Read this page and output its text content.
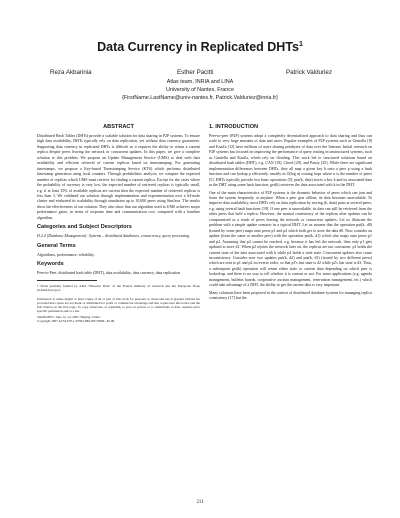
Data Currency in Replicated DHTs$^1$
Reza Akbarinia	Esther Pacitti	Patrick Valduriez
Atlas team, INRIA and LINA
University of Nantes, France
{FirstName.LastName@univ-nantes.fr, Patrick.Valduriez@inria.fr}
ABSTRACT
Distributed Hash Tables (DHTs) provide a scalable solution for data sharing in P2P systems. To ensure high data availability, DHTs typically rely on data replication, yet without data currency guarantees. Supporting data currency in replicated DHTs is difficult as it requires the ability to return a current replica despite peers leaving the network or concurrent updates. In this paper, we give a complete solution to this problem. We propose an Update Management Service (UMS) to deal with data availability and efficient retrieval of current replicas based on timestamping. For generating timestamps, we propose a Key-based Timestamping Service (KTS) which performs distributed timestamp generation using local counters. Through probabilistic analysis, we compute the expected number of replicas which UMS must retrieve for finding a current replica. Except for the cases where the probability of currency is very low, the expected number of retrieved replicas is typically small, e.g. if at least 35% of available replicas are current then the expected number of retrieved replicas is less than 3. We validated our solution through implementation and experimentation over a 64-node cluster and evaluated its scalability through simulation up to 10,000 peers using SimJava. The results show the effectiveness of our solution. They also show that our algorithm used in UMS achieves major performance gains, in terms of response time and communication cost, compared with a baseline algorithm.
Categories and Subject Descriptors
H.2.4 [Database Management]: Systems – distributed databases, concurrency, query processing.
General Terms
Algorithms, performance, reliability.
Keywords
Peer-to-Peer, distributed hash table (DHT), data availability, data currency, data replication
1 Work partially funded by ARA "Massive Data" of the French ministry of research and the European Strep Grid4All project.
Permission to make digital or hard copies of all or part of this work for personal or classroom use is granted without fee provided that copies are not made or distributed for profit or commercial advantage and that copies bear this notice and the full citation on the first page. To copy otherwise, or republish, to post on servers or to redistribute to lists, requires prior specific permission and/or a fee.
SIGMOD'07, June 12–14, 2007, Beijing, China.
Copyright 2007 ACM 978-1-59593-686-8/07/0006...$5.00.
1. INTRODUCTION
Peer-to-peer (P2P) systems adopt a completely decentralized approach to data sharing and thus can scale to very large amounts of data and users. Popular examples of P2P systems such as Gnutella [8] and KaaZa [12] have millions of users sharing petabytes of data over the Internet. Initial research on P2P systems has focused on improving the performance of query routing in unstructured systems, such as Gnutella and KaaZa, which rely on flooding. This work led to structured solutions based on distributed hash tables (DHT), e.g. CAN [19], Chord [29], and Pastry [25]. While there are significant implementation differences between DHTs, they all map a given key k onto a peer p using a hash function and can lookup p efficiently, usually in O(log n) routing hops where n is the number of peers [5]. DHTs typically provide two basic operations [5]: put(k, data) stores a key k and its associated data in the DHT using some hash function; get(k) retrieves the data associated with k in the DHT.
One of the main characteristics of P2P systems is the dynamic behavior of peers which can join and leave the system frequently, at anytime. When a peer gets offline, its data becomes unavailable. To improve data availability, most DHTs rely on data replication by storing (k, data) pairs at several peers, e.g. using several hash functions [19]. If one peer is unavailable, its data can still be retrieved from the other peers that hold a replica. However, the mutual consistency of the replicas after updates can be compromised as a result of peers leaving the network or concurrent updates. Let us illustrate the problem with a simple update scenario in a typical DHT. Let us assume that the operation put(k, d0) (issued by some peer) maps onto peers p1 and p2 which both get to store the data d0. Now consider an update (from the same or another peer) with the operation put(k, d1) which also maps onto peers p1 and p2. Assuming that p2 cannot be reached, e.g. because it has left the network, then only p1 gets updated to store d1. When p2 rejoins the network later on, the replicas are not consistent: p1 holds the current state of the data associated with k while p2 holds a stale state. Concurrent updates also cause inconsistency. Consider now two updates put(k, d2) and put(k, d3) (issued by two different peers) which are sent to p1 and p2 in reverse order, so that p1's last state is d2 while p2's last state is d3. Thus, a subsequent get(k) operation will return either stale or current data depending on which peer is looked-up, and there is no way to tell whether it is current or not. For some applications (e.g. agenda management, bulletin boards, cooperative auction management, reservation management, etc.) which could take advantage of a DHT, the ability to get the current data is very important.
Many solutions have been proposed in the context of distributed database systems for managing replica consistency [17] but the
211
